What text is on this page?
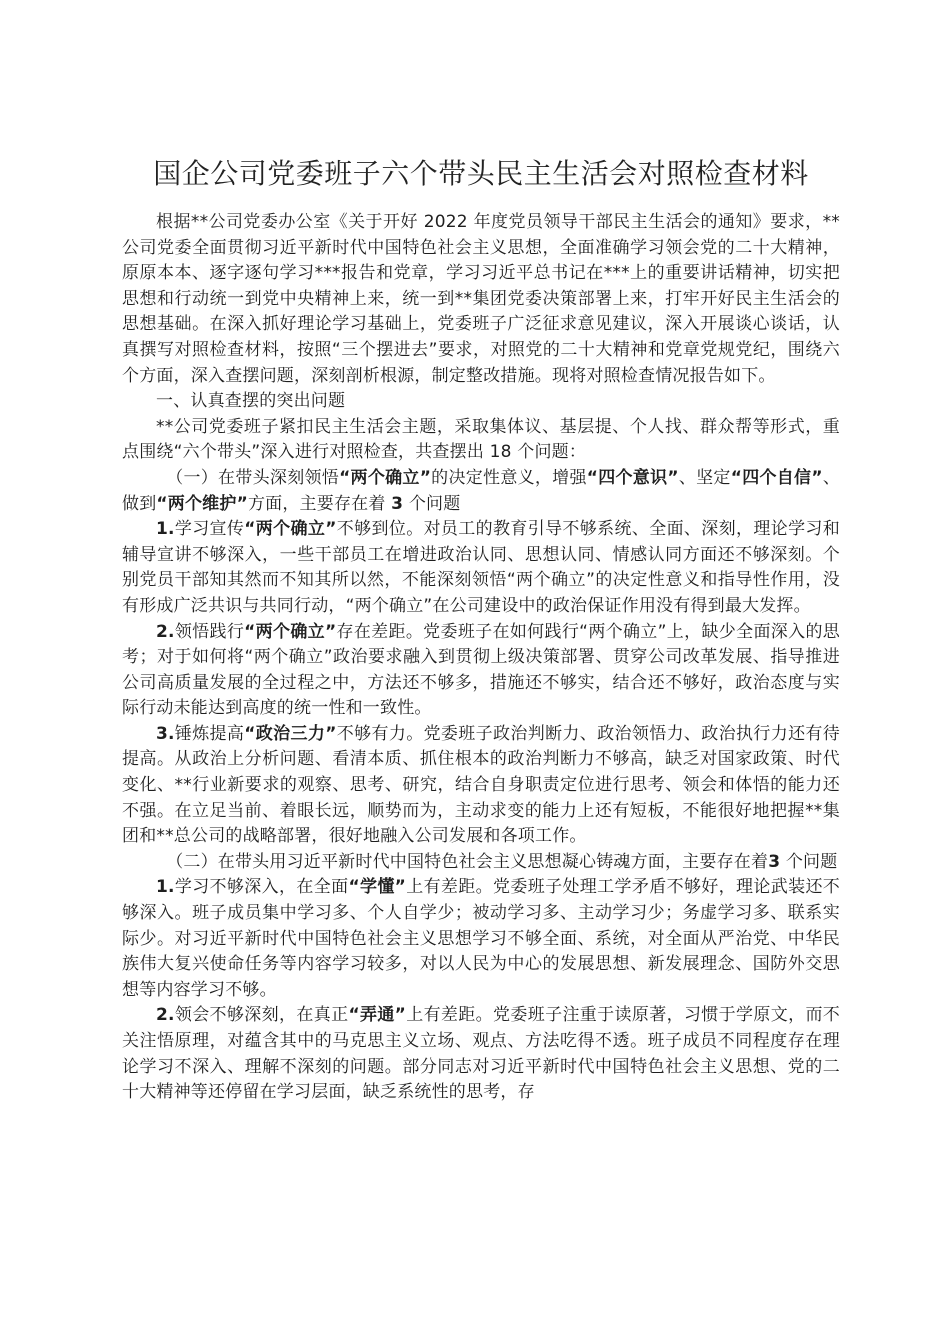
国企公司党委班子六个带头民主生活会对照检查材料

根据**公司党委办公室《关于开好 2022 年度党员领导干部民主生活会的通知》要求，**公司党委全面贯彻习近平新时代中国特色社会主义思想，全面准确学习领会党的二十大精神，原原本本、逐字逐句学习***报告和党章，学习习近平总书记在***上的重要讲话精神，切实把思想和行动统一到党中央精神上来，统一到**集团党委决策部署上来，打牢开好民主生活会的思想基础。在深入抓好理论学习基础上，党委班子广泛征求意见建议，深入开展谈心谈话，认真撰写对照检查材料，按照“三个摆进去”要求，对照党的二十大精神和党章党规党纪，围绕六个方面，深入查摆问题，深刻剖析根源，制定整改措施。现将对照检查情况报告如下。

一、认真查摆的突出问题

**公司党委班子紧扣民主生活会主题，采取集体议、基层提、个人找、群众帮等形式，重点围绕“六个带头”深入进行对照检查，共查摆出 18 个问题：

（一）在带头深刻领悟“两个确立”的决定性意义，增强“四个意识”、坚定“四个自信”、做到“两个维护”方面，主要存在着 3 个问题

1.学习宣传“两个确立”不够到位。对员工的教育引导不够系统、全面、深刻，理论学习和辅导宣讲不够深入，一些干部员工在增进政治认同、思想认同、情感认同方面还不够深刻。个别党员干部知其然而不知其所以然，不能深刻领悟“两个确立”的决定性意义和指导性作用，没有形成广泛共识与共同行动，“两个确立”在公司建设中的政治保证作用没有得到最大发挥。

2.领悟践行“两个确立”存在差距。党委班子在如何践行“两个确立”上，缺少全面深入的思考；对于如何将“两个确立”政治要求融入到贯彻上级决策部署、贯穿公司改革发展、指导推进公司高质量发展的全过程之中，方法还不够多，措施还不够实，结合还不够好，政治态度与实际行动未能达到高度的统一性和一致性。

3.锤炼提高“政治三力”不够有力。党委班子政治判断力、政治领悟力、政治执行力还有待提高。从政治上分析问题、看清本质、抓住根本的政治判断力不够高，缺乏对国家政策、时代变化、**行业新要求的观察、思考、研究，结合自身职责定位进行思考、领会和体悟的能力还不强。在立足当前、着眼长远，顺势而为，主动求变的能力上还有短板，不能很好地把握**集团和**总公司的战略部署，很好地融入公司发展和各项工作。

（二）在带头用习近平新时代中国特色社会主义思想凝心铸魂方面，主要存在着3 个问题

1.学习不够深入，在全面“学懂”上有差距。党委班子处理工学矛盾不够好，理论武装还不够深入。班子成员集中学习多、个人自学少；被动学习多、主动学习少；务虚学习多、联系实际少。对习近平新时代中国特色社会主义思想学习不够全面、系统，对全面从严治党、中华民族伟大复兴使命任务等内容学习较多，对以人民为中心的发展思想、新发展理念、国防外交思想等内容学习不够。

2.领会不够深刻，在真正“弄通”上有差距。党委班子注重于读原著，习惯于学原文，而不关注悟原理，对蕴含其中的马克思主义立场、观点、方法吃得不透。班子成员不同程度存在理论学习不深入、理解不深刻的问题。部分同志对习近平新时代中国特色社会主义思想、党的二十大精神等还停留在学习层面，缺乏系统性的思考，存
